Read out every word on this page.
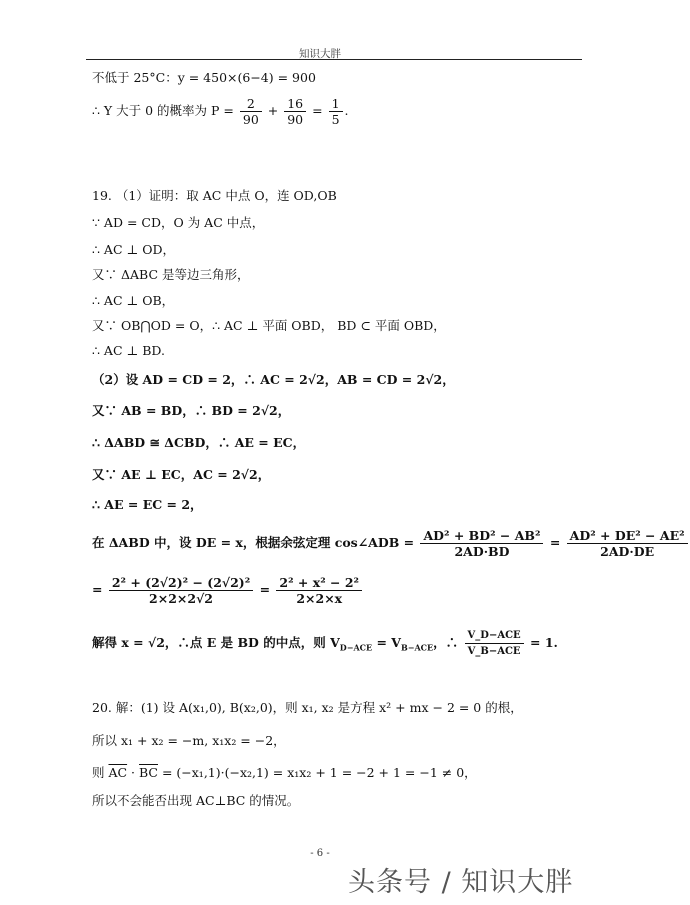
知识大胖
不低于 25°C：y = 450×(6−4) = 900
∴ Y 大于 0 的概率为 $P = \frac{2}{90} + \frac{16}{90} = \frac{1}{5}$ .
19. （1）证明：取 AC 中点 O，连 OD,OB
∵ AD = CD，O 为 AC 中点，
∴ AC ⊥ OD，
又∵ ΔABC 是等边三角形，
∴ AC ⊥ OB，
又∵ OB⋂OD = O，∴ AC ⊥ 平面 OBD， BD ⊂ 平面 OBD，
∴ AC ⊥ BD.
（2）设 AD = CD = 2，∴ AC = 2√2，AB = CD = 2√2，
又∵ AB = BD，∴ BD = 2√2，
∴ ΔABD ≅ ΔCBD，∴ AE = EC，
又∵ AE ⊥ EC，AC = 2√2，
∴ AE = EC = 2，
在 ΔABD 中，设 DE = x，根据余弦定理 cos∠ADB = $\frac{\text{AD² + BD² − AB²}}{2AD\cdot BD} = \frac{\text{AD² + DE² − AE²}}{2AD\cdot DE}$
= $\frac{\text{2² + (2√2)² − (2√2)²}}{2\times 2\times 2√2} = \frac{\text{2² + x² − 2²}}{2\times 2\times x}$
解得 x = √2，∴点 E 是 BD 的中点，则 $V_{D-ACE} = V_{B-ACE}$，∴ $\frac{\text{V\_D−ACE}}{\text{V\_B−ACE}} = 1$.
20. 解：(1) 设 A(x₁,0), B(x₂,0)，则 x₁, x₂ 是方程 x² + mx − 2 = 0 的根，
所以 x₁ + x₂ = −m, x₁x₂ = −2，
则 $\overline{AC} \cdot \overline{BC} = (-x_1,1)\cdot(-x_2,1) = x_1x_2 + 1 = -2 + 1 = -1 \ne 0$，
所以不会能否出现 AC⊥BC 的情况。
- 6 -
头条号 / 知识大胖
